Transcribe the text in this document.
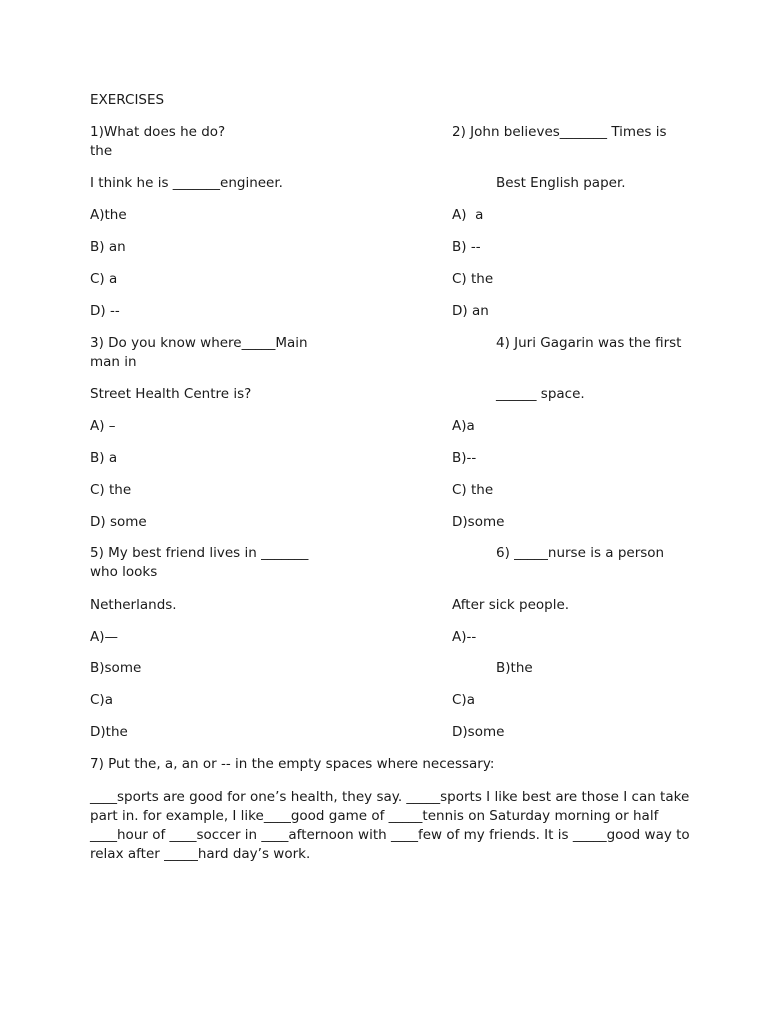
EXERCISES

1)What does he do?

I think he is _______engineer.

A)the

B) an

C) a

D) --

2) John believes_______ Times is the

Best English paper.

A)  a

B) --

C) the

D) an

3) Do you know where_____Main

Street Health Centre is?

A) –

B) a

C) the

D) some

4) Juri Gagarin was the first man in

______ space.

A)a

B)--

C) the

D)some

5) My best friend lives in _______ who looks

Netherlands.

A)—

B)some

C)a

D)the

6) _____nurse is a person

After sick people.

A)--

B)the

C)a

D)some

7) Put the, a, an or -- in the empty spaces where necessary:

____sports are good for one’s health, they say. _____sports I like best are those I can take part in. for example, I like____good game of _____tennis on Saturday morning or half ____hour of ____soccer in ____afternoon with ____few of my friends. It is _____good way to relax after _____hard day’s work.
